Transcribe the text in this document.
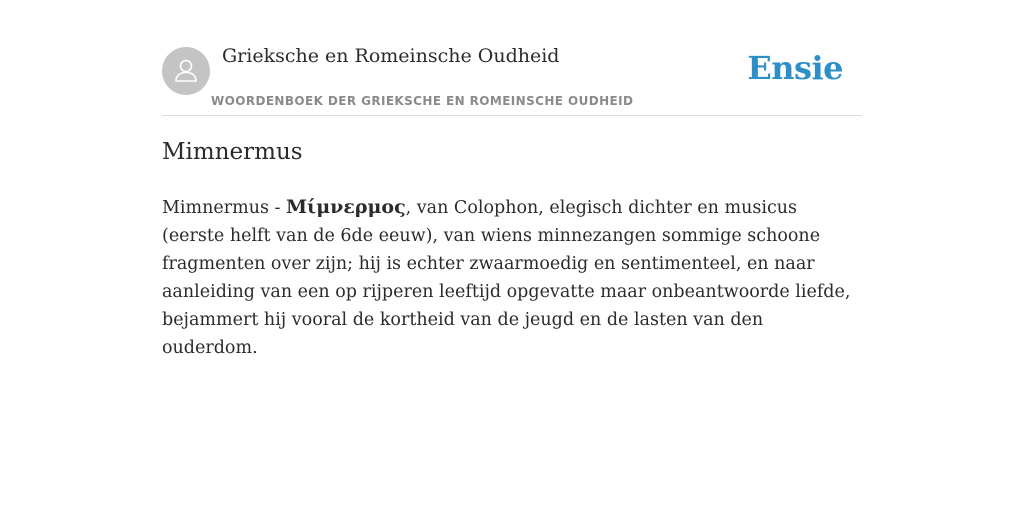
Grieksche en Romeinsche Oudheid
WOORDENBOEK DER GRIEKSCHE EN ROMEINSCHE OUDHEID
Ensie
Mimnermus

Mimnermus - Μίμνερμος, van Colophon, elegisch dichter en musicus (eerste helft van de 6de eeuw), van wiens minnezangen sommige schoone fragmenten over zijn; hij is echter zwaarmoedig en sentimenteel, en naar aanleiding van een op rijperen leeftijd opgevatte maar onbeantwoorde liefde, bejammert hij vooral de kortheid van de jeugd en de lasten van den ouderdom.
